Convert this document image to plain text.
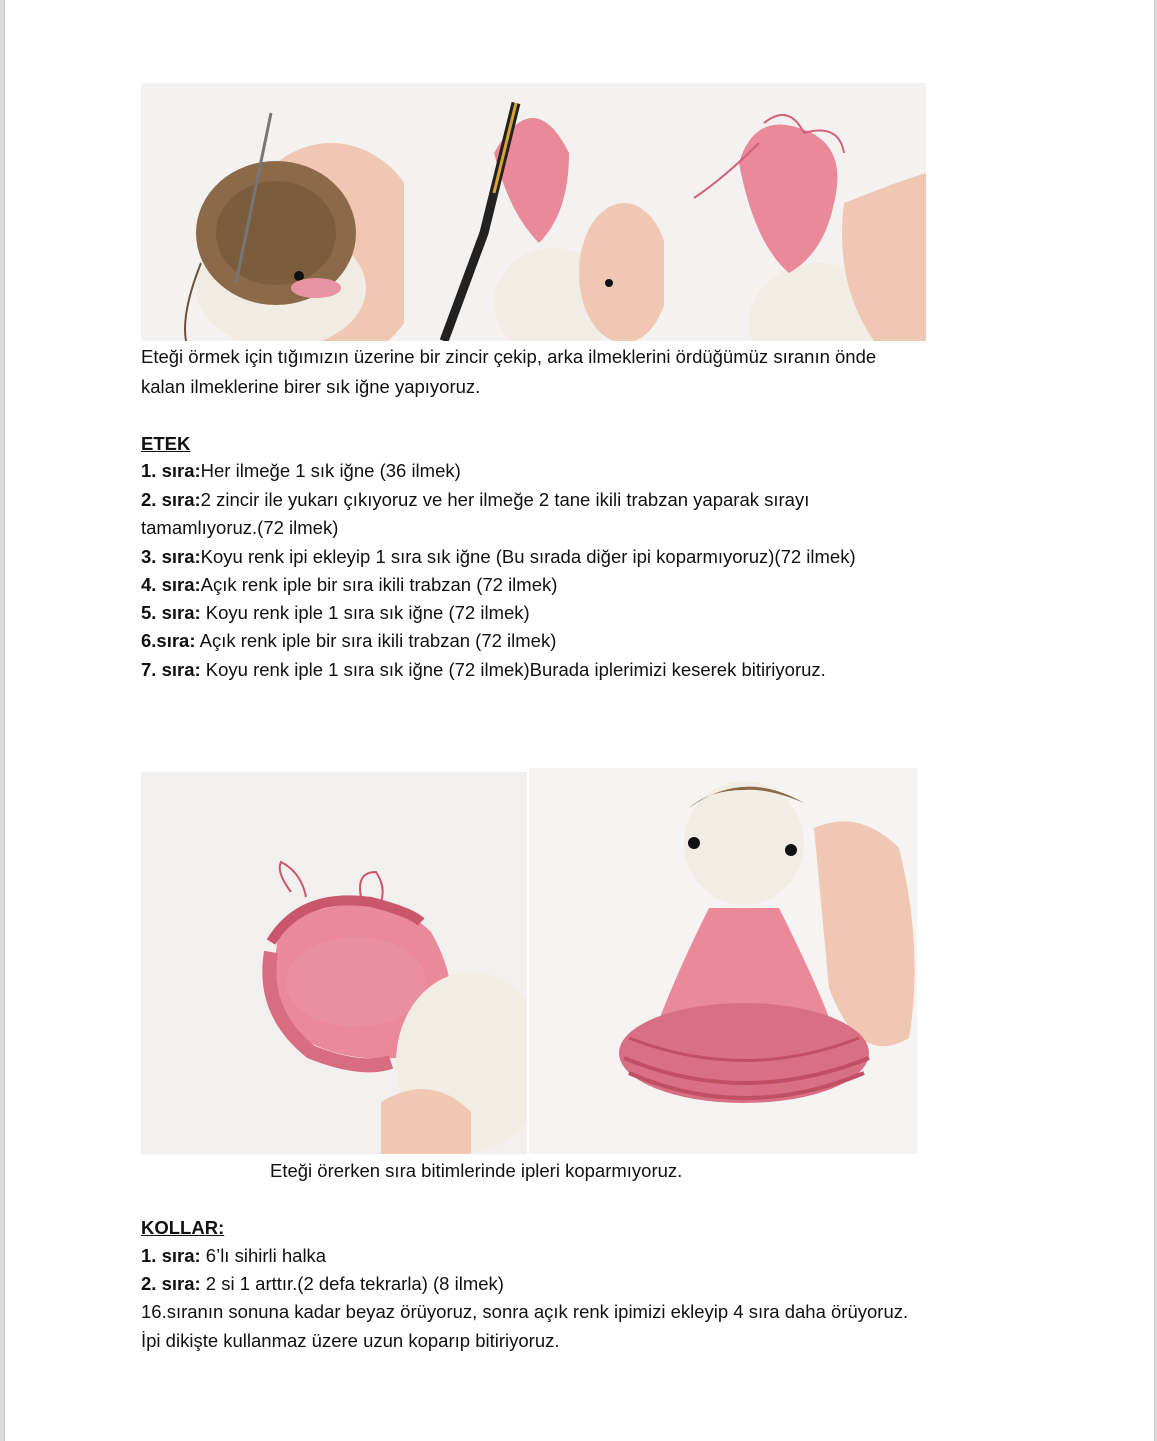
Eteği örmek için tığımızın üzerine bir zincir çekip, arka ilmeklerini ördüğümüz sıranın önde
kalan ilmeklerine birer sık iğne yapıyoruz.
ETEK
1. sıra:Her ilmeğe 1 sık iğne (36 ilmek)
2. sıra:2 zincir ile yukarı çıkıyoruz ve her ilmeğe 2 tane ikili trabzan yaparak sırayı
tamamlıyoruz.(72 ilmek)
3. sıra:Koyu renk ipi ekleyip 1 sıra sık iğne (Bu sırada diğer ipi koparmıyoruz)(72 ilmek)
4. sıra:Açık renk iple bir sıra ikili trabzan (72 ilmek)
5. sıra: Koyu renk iple 1 sıra sık iğne (72 ilmek)
6.sıra: Açık renk iple bir sıra ikili trabzan (72 ilmek)
7. sıra: Koyu renk iple 1 sıra sık iğne (72 ilmek)Burada iplerimizi keserek bitiriyoruz.
Eteği örerken sıra bitimlerinde ipleri koparmıyoruz.
KOLLAR:
1. sıra: 6’lı sihirli halka
2. sıra: 2 si 1 arttır.(2 defa tekrarla) (8 ilmek)
16.sıranın sonuna kadar beyaz örüyoruz, sonra açık renk ipimizi ekleyip 4 sıra daha örüyoruz.
İpi dikişte kullanmaz üzere uzun koparıp bitiriyoruz.
